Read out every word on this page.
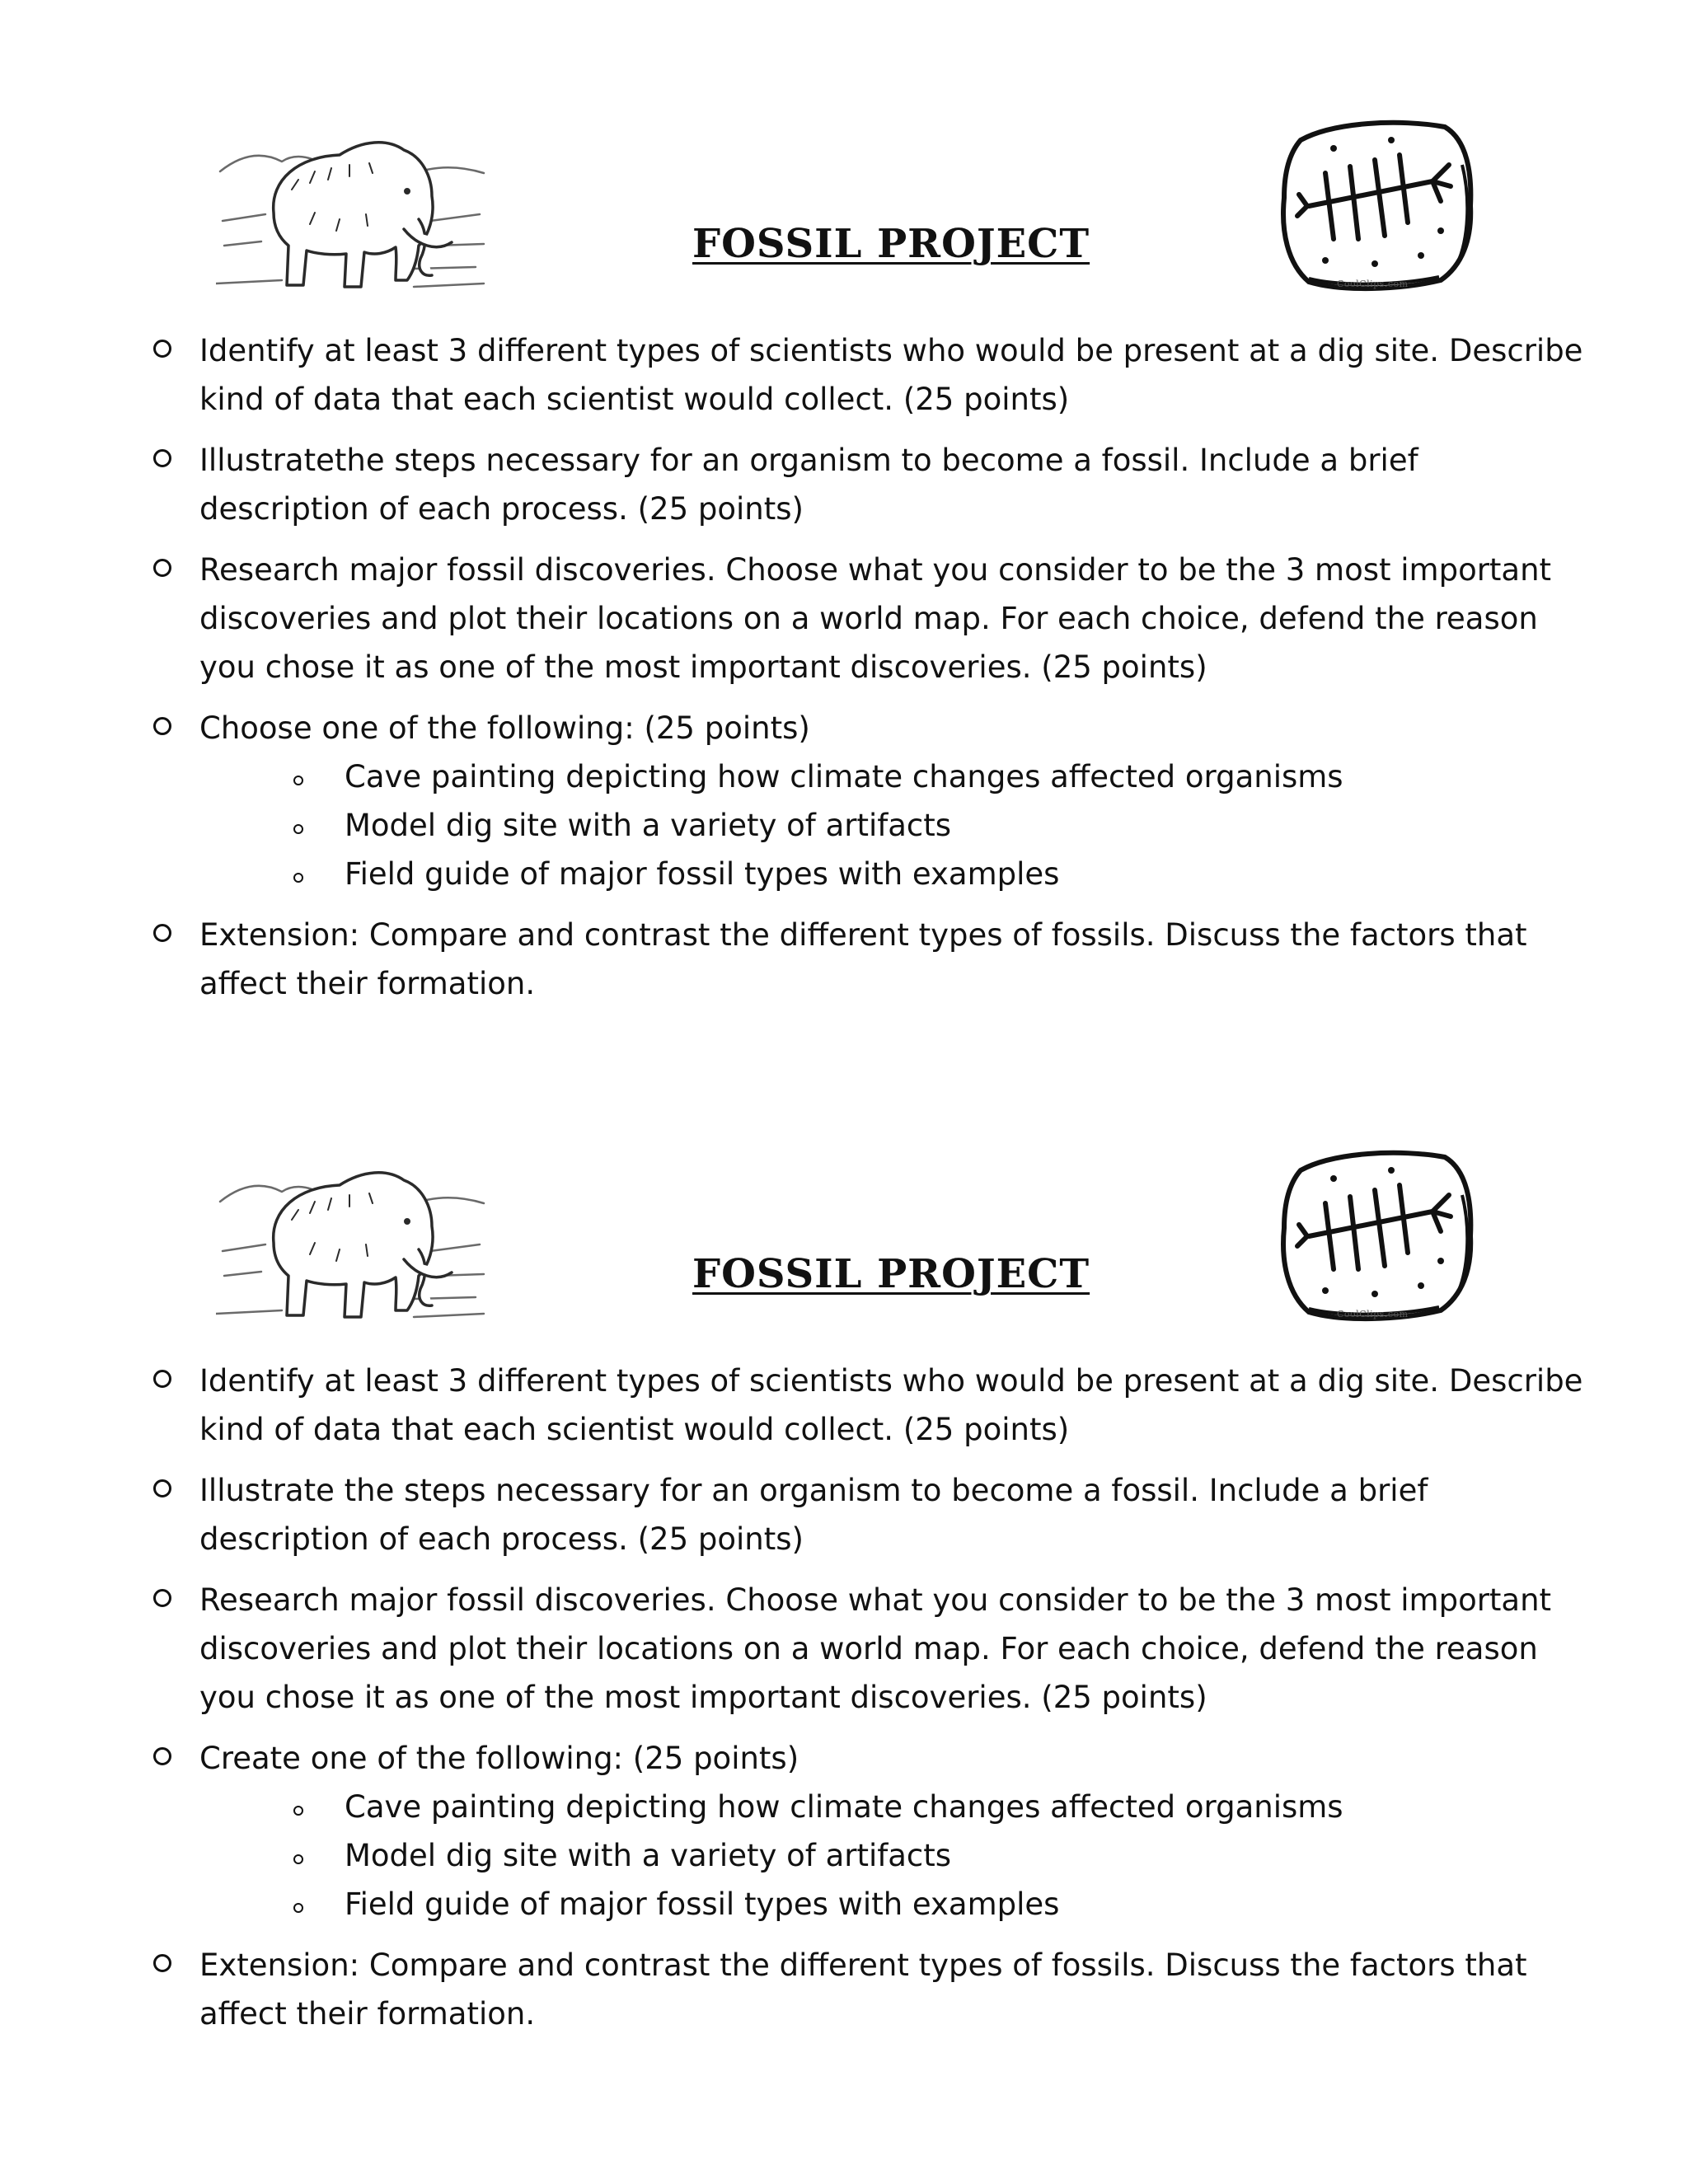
CoolClips.com
FOSSIL PROJECT
Identify at least 3 different types of scientists who would be present at a dig site. Describe kind of data that each scientist would collect. (25 points)
Illustratethe steps necessary for an organism to become a fossil. Include a brief description of each process. (25 points)
Research major fossil discoveries. Choose what you consider to be the 3 most important discoveries and plot their locations on a world map. For each choice, defend the reason you chose it as one of the most important discoveries. (25 points)
Choose one of the following: (25 points)
Cave painting depicting how climate changes affected organisms
Model dig site with a variety of artifacts
Field guide of major fossil types with examples
Extension: Compare and contrast the different types of fossils. Discuss the factors that affect their formation.
CoolClips.com
FOSSIL PROJECT
Identify at least 3 different types of scientists who would be present at a dig site. Describe kind of data that each scientist would collect. (25 points)
Illustrate the steps necessary for an organism to become a fossil. Include a brief description of each process. (25 points)
Research major fossil discoveries. Choose what you consider to be the 3 most important discoveries and plot their locations on a world map. For each choice, defend the reason you chose it as one of the most important discoveries. (25 points)
Create one of the following: (25 points)
Cave painting depicting how climate changes affected organisms
Model dig site with a variety of artifacts
Field guide of major fossil types with examples
Extension: Compare and contrast the different types of fossils. Discuss the factors that affect their formation.
